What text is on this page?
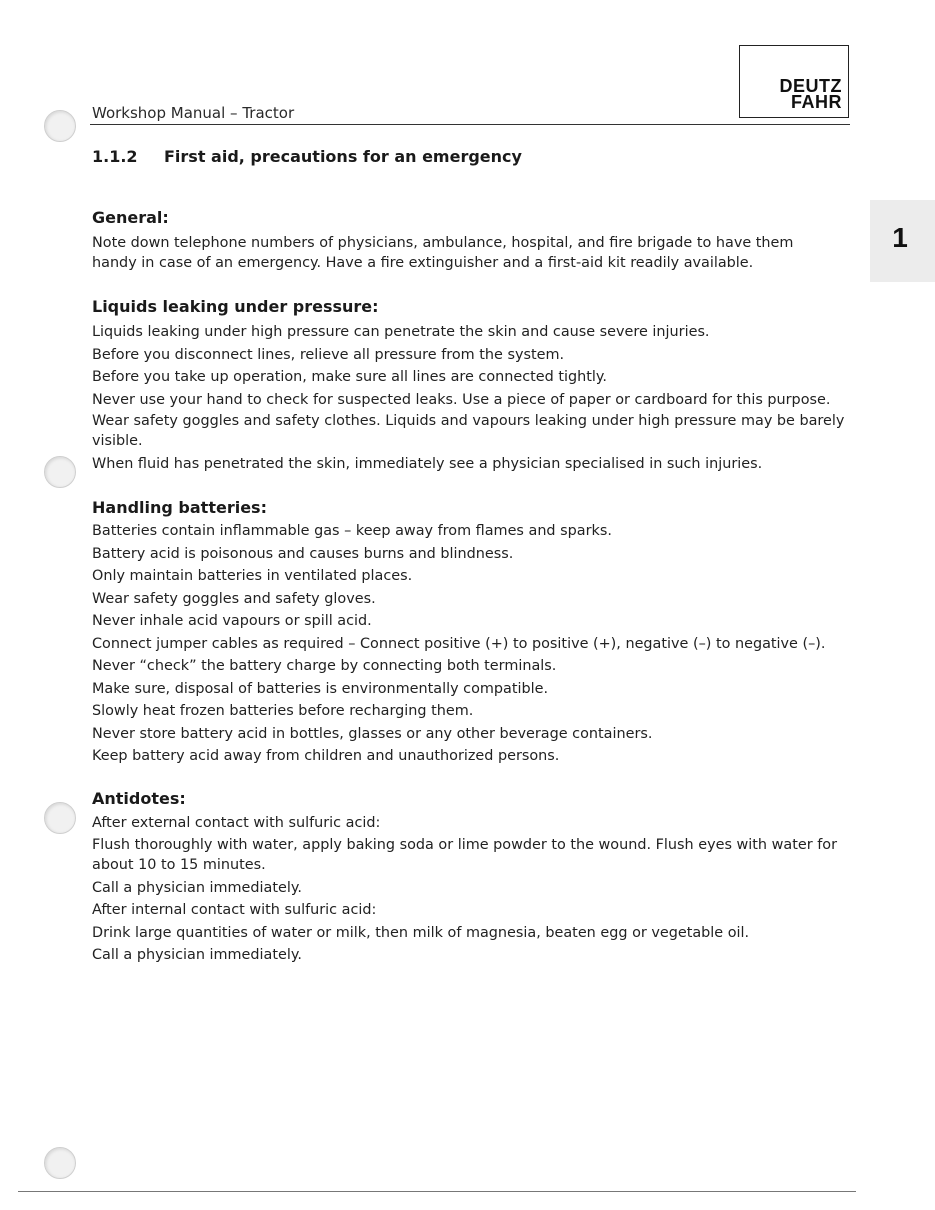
Workshop Manual – Tractor
DEUTZ
FAHR
1
1.1.2 First aid, precautions for an emergency
General:
Note down telephone numbers of physicians, ambulance, hospital, and fire brigade to have them handy in case of an emergency. Have a fire extinguisher and a first-aid kit readily available.
Liquids leaking under pressure:
Liquids leaking under high pressure can penetrate the skin and cause severe injuries.
Before you disconnect lines, relieve all pressure from the system.
Before you take up operation, make sure all lines are connected tightly.
Never use your hand to check for suspected leaks. Use a piece of paper or cardboard for this purpose.
Wear safety goggles and safety clothes. Liquids and vapours leaking under high pressure may be barely visible.
When fluid has penetrated the skin, immediately see a physician specialised in such injuries.
Handling batteries:
Batteries contain inflammable gas – keep away from flames and sparks.
Battery acid is poisonous and causes burns and blindness.
Only maintain batteries in ventilated places.
Wear safety goggles and safety gloves.
Never inhale acid vapours or spill acid.
Connect jumper cables as required – Connect positive (+) to positive (+), negative (–) to negative (–).
Never “check” the battery charge by connecting both terminals.
Make sure, disposal of batteries is environmentally compatible.
Slowly heat frozen batteries before recharging them.
Never store battery acid in bottles, glasses or any other beverage containers.
Keep battery acid away from children and unauthorized persons.
Antidotes:
After external contact with sulfuric acid:
Flush thoroughly with water, apply baking soda or lime powder to the wound. Flush eyes with water for about 10 to 15 minutes.
Call a physician immediately.
After internal contact with sulfuric acid:
Drink large quantities of water or milk, then milk of magnesia, beaten egg or vegetable oil.
Call a physician immediately.
